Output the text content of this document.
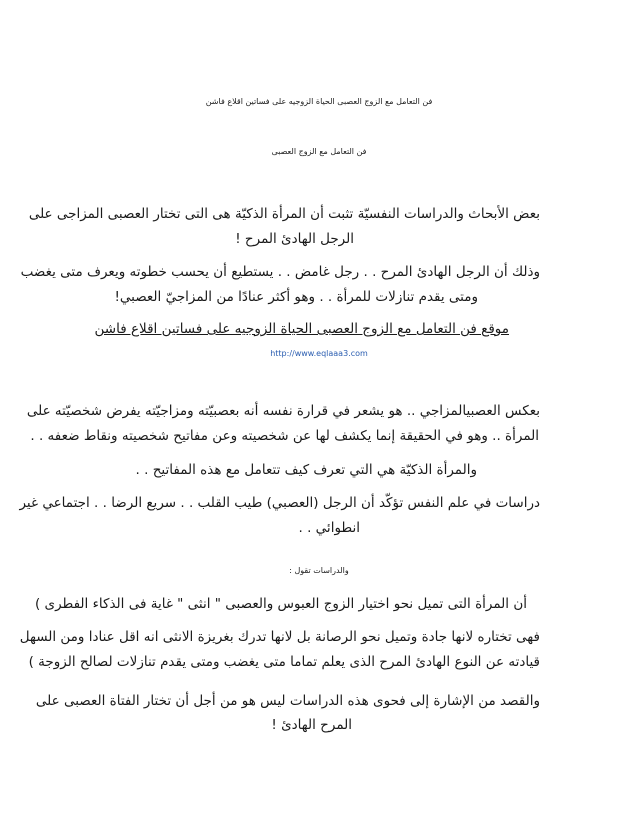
فن التعامل مع الزوج العصبى الحياة الزوجيه على فساتين اقلاع فاشن
فن التعامل مع الزوج العصبى
بعض الأبحاث والدراسات النفسيّة تثبت أن المرأة الذكيّة هى التى تختار العصبى المزاجى على
الرجل الهادئ المرح !
وذلك أن الرجل الهادئ المرح . . رجل غامض . . يستطيع أن يحسب خطوته ويعرف متى يغضب
ومتى يقدم تنازلات للمرأة . . وهو أكثر عنادًا من المزاجيّ العصبي!
موقع فن التعامل مع الزوج العصبى الحياة الزوجيه على فساتين اقلاع فاشن
http://www.eqlaaa3.com
بعكس العصبيالمزاجي .. هو يشعر في قرارة نفسه أنه بعصبيّته ومزاجيّته يفرض شخصيّته على
المرأة .. وهو في الحقيقة إنما يكشف لها عن شخصيته وعن مفاتيح شخصيته ونقاط ضعفه . .
والمرأة الذكيّة هي التي تعرف كيف تتعامل مع هذه المفاتيح . .
دراسات في علم النفس تؤكّد أن الرجل (العصبي) طيب القلب . . سريع الرضا . . اجتماعي غير
انطوائي . .
والدراسات تقول :
أن المرأة التى تميل نحو اختيار الزوج العبوس والعصبى " انثى " غاية فى الذكاء الفطرى )
فهى تختاره لانها جادة وتميل نحو الرصانة بل لانها تدرك بغريزة الانثى انه اقل عنادا ومن السهل
قيادته عن النوع الهادئ المرح الذى يعلم تماما متى يغضب ومتى يقدم تنازلات لصالح الزوجة )
والقصد من الإشارة إلى فحوى هذه الدراسات ليس هو من أجل أن تختار الفتاة العصبى على
المرح الهادئ !
